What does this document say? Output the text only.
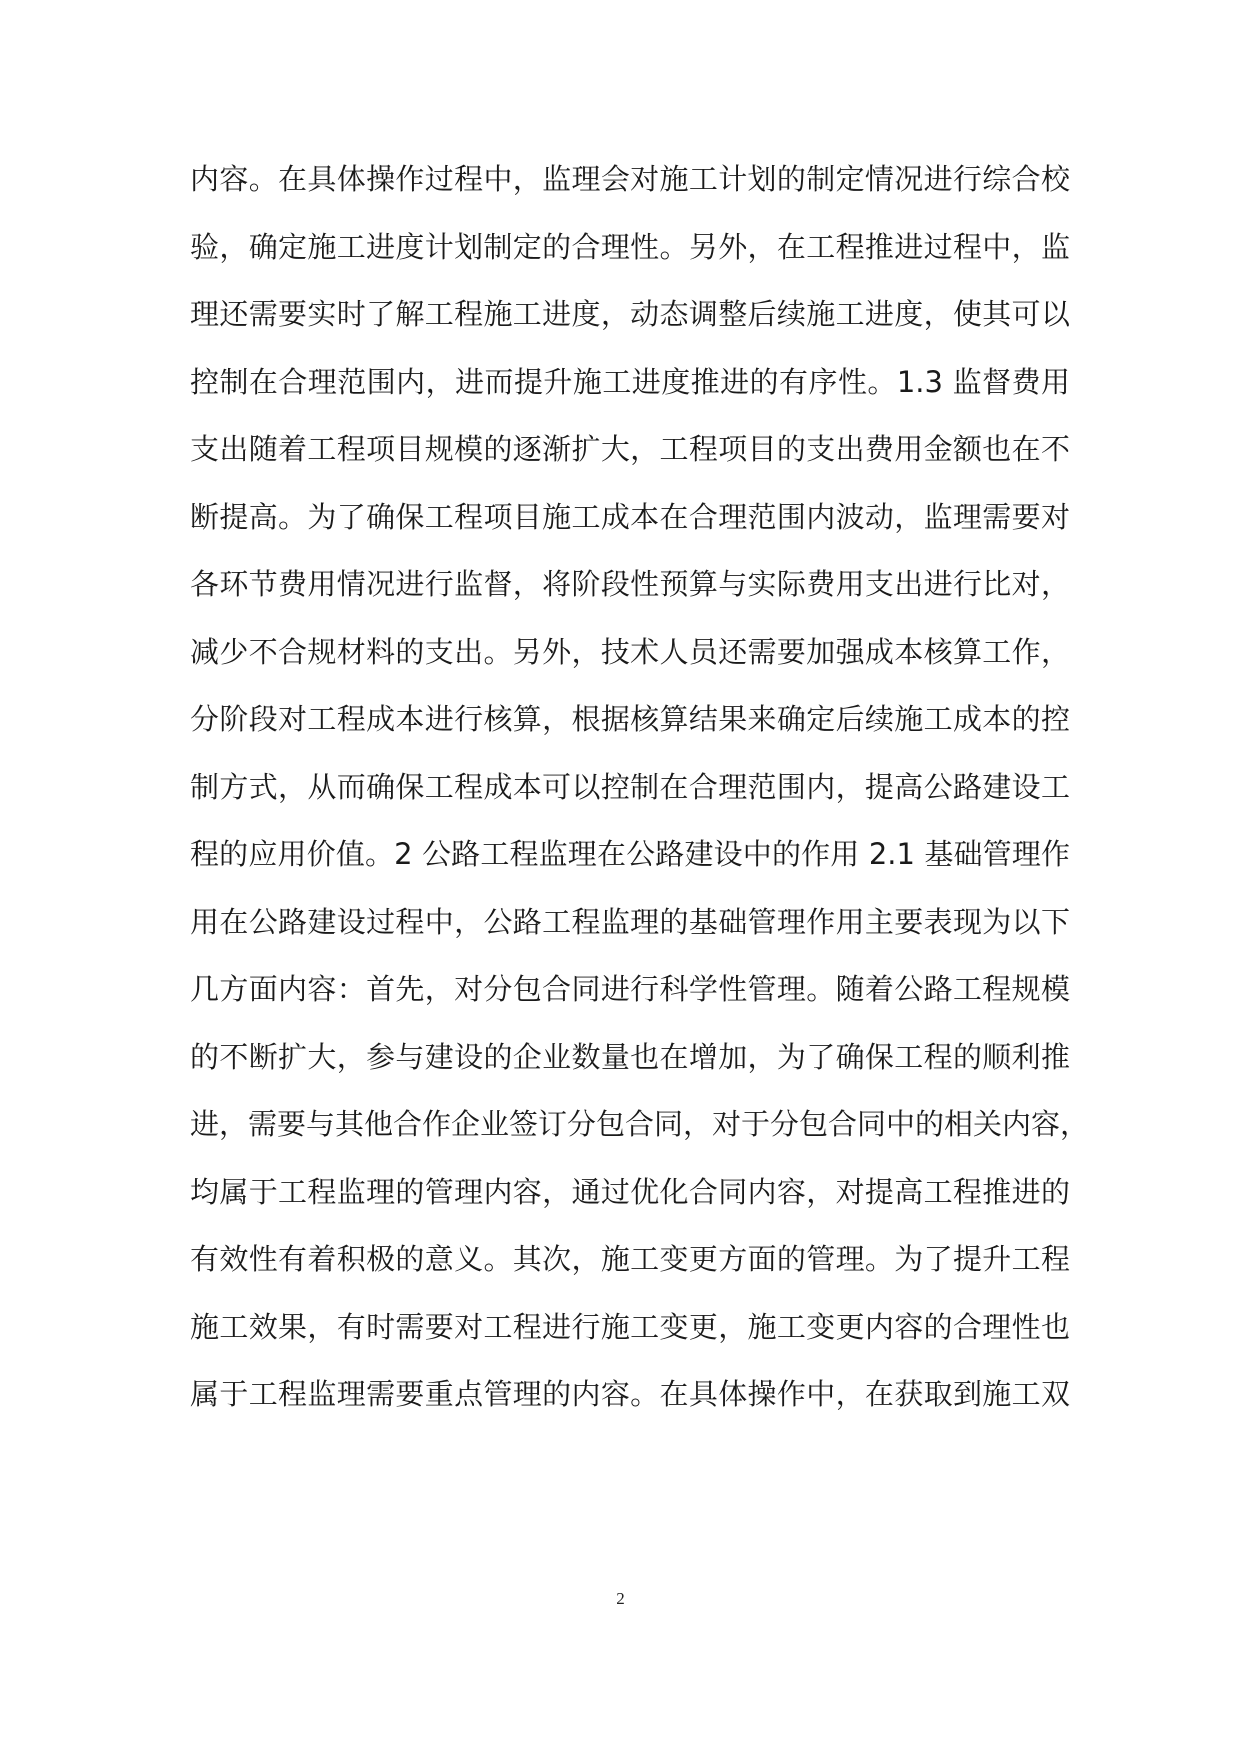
内容。在具体操作过程中，监理会对施工计划的制定情况进行综合校
验，确定施工进度计划制定的合理性。另外，在工程推进过程中，监
理还需要实时了解工程施工进度，动态调整后续施工进度，使其可以
控制在合理范围内，进而提升施工进度推进的有序性。1.3 监督费用
支出随着工程项目规模的逐渐扩大，工程项目的支出费用金额也在不
断提高。为了确保工程项目施工成本在合理范围内波动，监理需要对
各环节费用情况进行监督，将阶段性预算与实际费用支出进行比对，
减少不合规材料的支出。另外，技术人员还需要加强成本核算工作，
分阶段对工程成本进行核算，根据核算结果来确定后续施工成本的控
制方式，从而确保工程成本可以控制在合理范围内，提高公路建设工
程的应用价值。2 公路工程监理在公路建设中的作用 2.1 基础管理作
用在公路建设过程中，公路工程监理的基础管理作用主要表现为以下
几方面内容：首先，对分包合同进行科学性管理。随着公路工程规模
的不断扩大，参与建设的企业数量也在增加，为了确保工程的顺利推
进，需要与其他合作企业签订分包合同，对于分包合同中的相关内容，
均属于工程监理的管理内容，通过优化合同内容，对提高工程推进的
有效性有着积极的意义。其次，施工变更方面的管理。为了提升工程
施工效果，有时需要对工程进行施工变更，施工变更内容的合理性也
属于工程监理需要重点管理的内容。在具体操作中，在获取到施工双
2
